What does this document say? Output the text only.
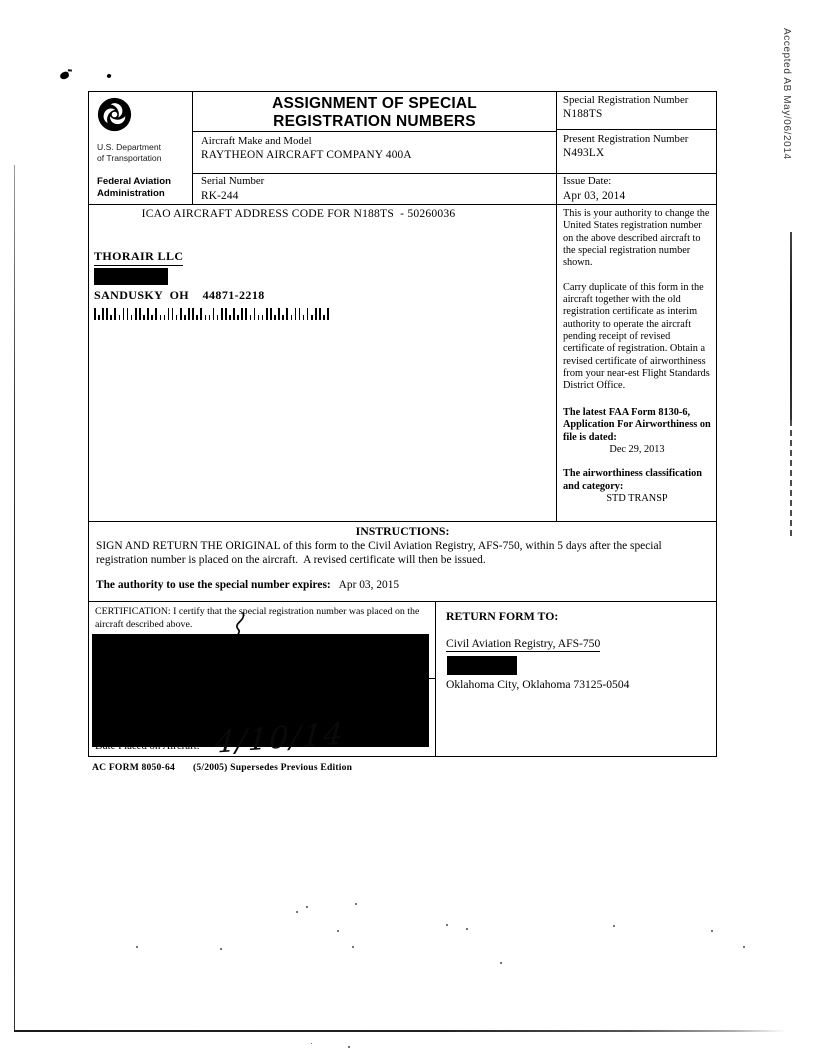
Accepted AB May/06/2014
U.S. Department
of Transportation
Federal Aviation
Administration
ASSIGNMENT OF SPECIAL
REGISTRATION NUMBERS
Aircraft Make and Model
RAYTHEON AIRCRAFT COMPANY 400A
Serial Number
RK-244
Special Registration Number
N188TS
Present Registration Number
N493LX
Issue Date:
Apr 03, 2014
ICAO AIRCRAFT ADDRESS CODE FOR N188TS  - 50260036
THORAIR LLC
SANDUSKY  OH    44871-2218

This is your authority to change the United States registration number on the above described aircraft to the special registration number shown.

Carry duplicate of this form in the aircraft together with the old registration certificate as interim authority to operate the aircraft pending receipt of revised certificate of registration. Obtain a revised certificate of airworthiness from your near-est Flight Standards District Office.

The latest FAA Form 8130-6, Application For Airworthiness on file is dated:

Dec 29, 2013

The airworthiness classification and category:

STD TRANSP

INSTRUCTIONS:
SIGN AND RETURN THE ORIGINAL of this form to the Civil Aviation Registry, AFS-750, within 5 days after the special registration number is placed on the aircraft.  A revised certificate will then be issued.
The authority to use the special number expires: Apr 03, 2015
CERTIFICATION: I certify that the special registration number was placed on the aircraft described above.
Date Placed on Aircraft: 4/10/14
RETURN FORM TO:
Civil Aviation Registry, AFS-750
Oklahoma City, Oklahoma 73125-0504
AC FORM 8050-64 (5/2005) Supersedes Previous Edition
